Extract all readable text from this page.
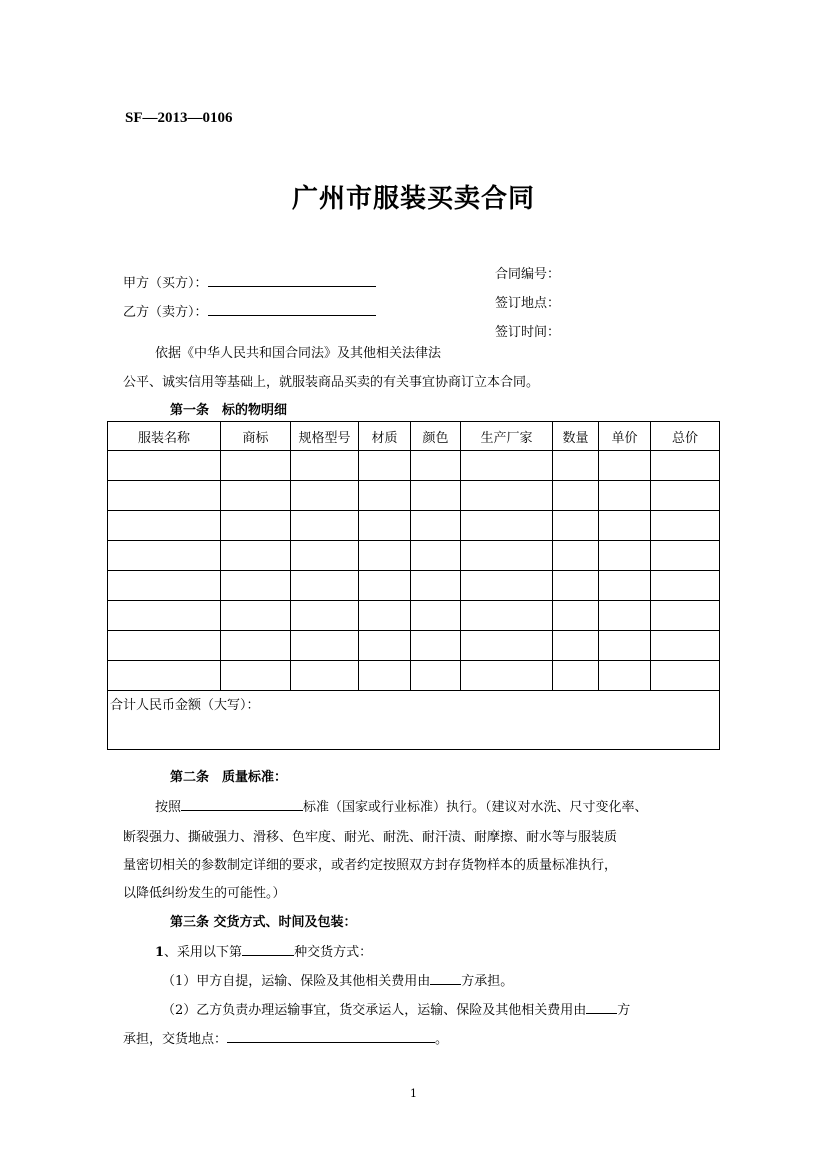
SF—2013—0106
广州市服装买卖合同
甲方（买方）：
乙方（卖方）：
合同编号：
签订地点：
签订时间：
依据《中华人民共和国合同法》及其他相关法律法
公平、诚实信用等基础上，就服装商品买卖的有关事宜协商订立本合同。
第一条　标的物明细
服装名称	商标	规格型号	材质	颜色	生产厂家	数量	单价	总价

合计人民币金额（大写）：								
第二条　质量标准：
按照	标准（国家或行业标准）执行。（建议对水洗、尺寸变化率、
断裂强力、撕破强力、滑移、色牢度、耐光、耐洗、耐汗渍、耐摩擦、耐水等与服装质
量密切相关的参数制定详细的要求，或者约定按照双方封存货物样本的质量标准执行，
以降低纠纷发生的可能性。）
第三条 交货方式、时间及包装：
1、采用以下第	种交货方式：
（1）甲方自提，运输、保险及其他相关费用由 方承担。
（2）乙方负责办理运输事宜，货交承运人，运输、保险及其他相关费用由 方
承担，交货地点：	。
1
